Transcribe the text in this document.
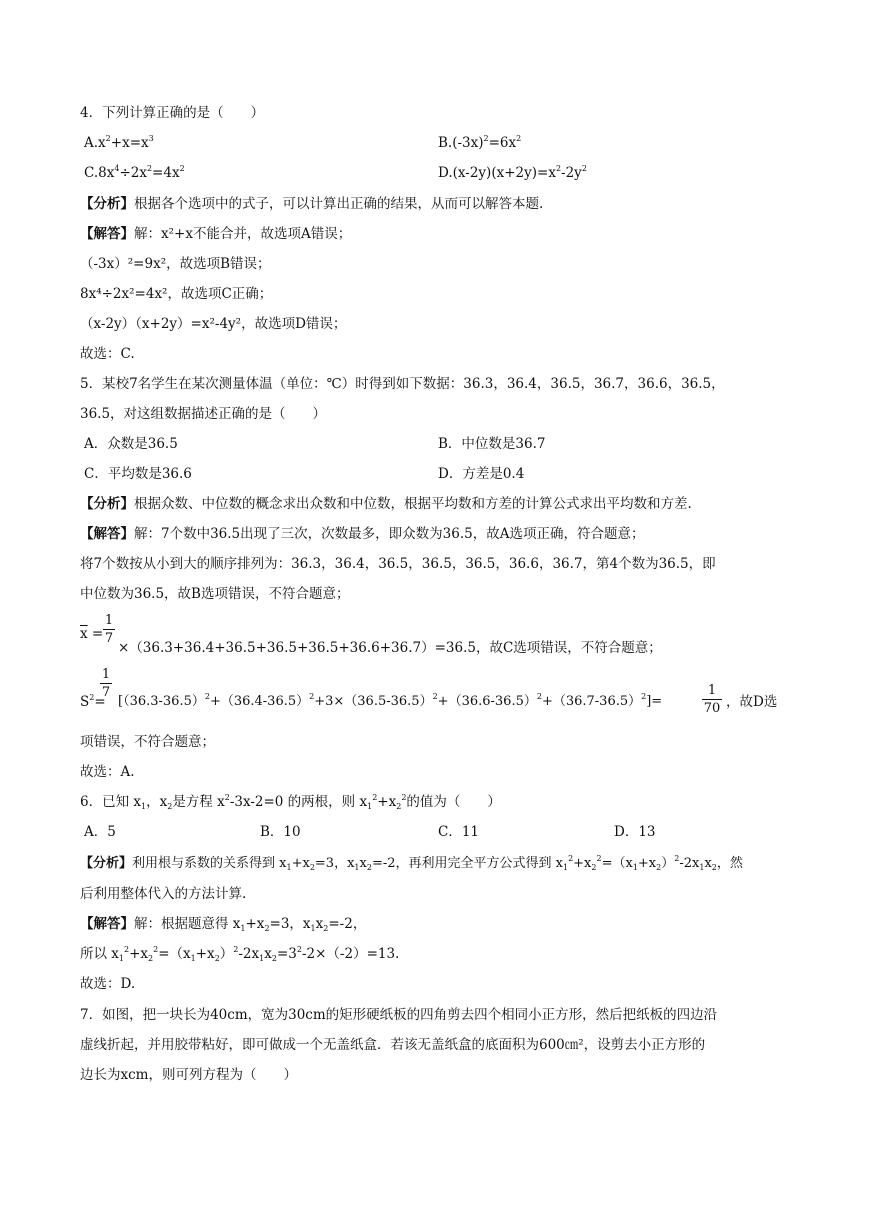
4．下列计算正确的是（　　）
$A.x^2+x=x^3$	$B.(-3x)^2=6x^2$
$C.8x^4\div 2x^2=4x^2$	$D.(x-2y)(x+2y)=x^2-2y^2$
【分析】根据各个选项中的式子，可以计算出正确的结果，从而可以解答本题.
【解答】解：x²+x不能合并，故选项A错误；
（-3x）²=9x²，故选项B错误；
8x⁴÷2x²=4x²，故选项C正确；
（x-2y）（x+2y）=x²-4y²，故选项D错误；
故选：C.
5．某校7名学生在某次测量体温（单位：℃）时得到如下数据：36.3，36.4，36.5，36.7，36.6，36.5，
36.5，对这组数据描述正确的是（　　）
A．众数是36.5	B．中位数是36.7
C．平均数是36.6	D．方差是0.4
【分析】根据众数、中位数的概念求出众数和中位数，根据平均数和方差的计算公式求出平均数和方差.
【解答】解：7个数中36.5出现了三次，次数最多，即众数为36.5，故A选项正确，符合题意；
将7个数按从小到大的顺序排列为：36.3，36.4，36.5，36.5，36.5，36.6，36.7，第4个数为36.5，即
中位数为36.5，故B选项错误，不符合题意；
$\overline{x}$ =
1
7
×（36.3+36.4+36.5+36.5+36.5+36.6+36.7）=36.5，故C选项错误，不符合题意；
$S^2=$
1
7
$[(36.3-36.5)^2+(36.4-36.5)^2+3\times(36.5-36.5)^2+(36.6-36.5)^2+(36.7-36.5)^2]=$
1
70 ，故D选
项错误，不符合题意；
故选：A.
6．已知 $x_1$，$x_2$是方程 $x^2-3x-2=0$ 的两根，则 $x_1^2+x_2^2$的值为（　　）
A．5	B．10	C．11	D．13
【分析】利用根与系数的关系得到 $x_1+x_2=3$，$x_1x_2=-2$，再利用完全平方公式得到 $x_1^2+x_2^2=(x_1+x_2)^2-2x_1x_2$，然
后利用整体代入的方法计算.
【解答】解：根据题意得 $x_1+x_2=3$，$x_1x_2=-2$，
所以 $x_1^2+x_2^2=(x_1+x_2)^2-2x_1x_2=3^2-2\times(-2)=13$.
故选：D.
7．如图，把一块长为40cm，宽为30cm的矩形硬纸板的四角剪去四个相同小正方形，然后把纸板的四边沿
虚线折起，并用胶带粘好，即可做成一个无盖纸盒．若该无盖纸盒的底面积为600㎝²，设剪去小正方形的
边长为xcm，则可列方程为（　　）
